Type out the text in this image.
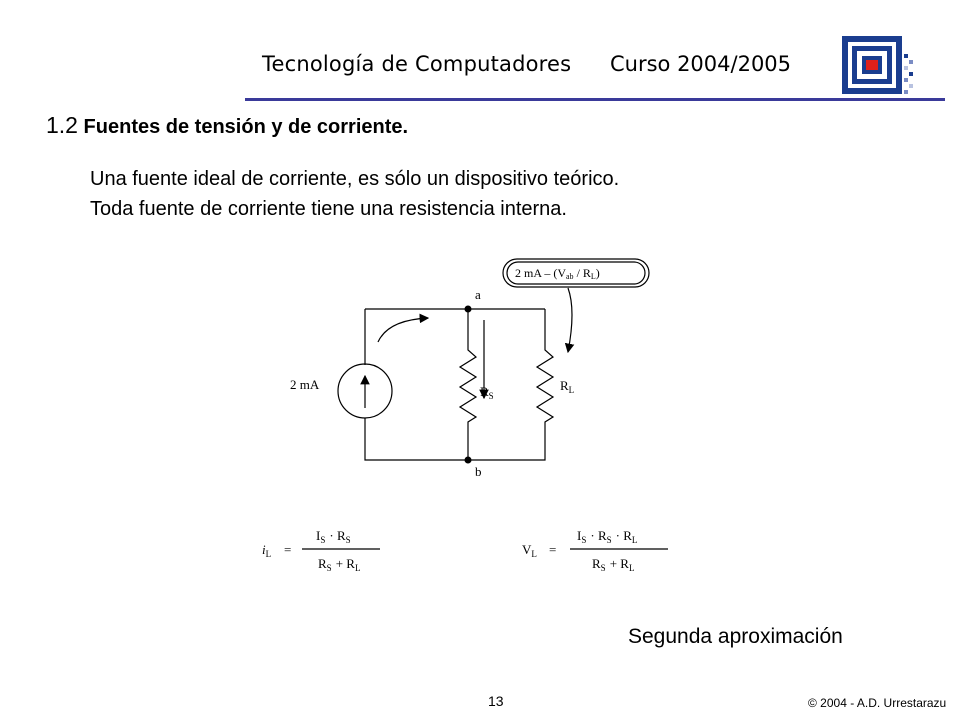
Tecnología de Computadores Curso 2004/2005
1.2 Fuentes de tensión y de corriente.
Una fuente ideal de corriente, es sólo un dispositivo teórico.
Toda fuente de corriente tiene una resistencia interna.
2 mA
a
b
$R_S$
$R_L$
2 mA – (Vab / RL)
$i_L$ =
$I_S \cdot R_S$
$R_S + R_L$
$V_L$ =
$I_S \cdot R_S \cdot R_L$
$R_S + R_L$
Segunda aproximación
13	© 2004 - A.D. Urrestarazu
